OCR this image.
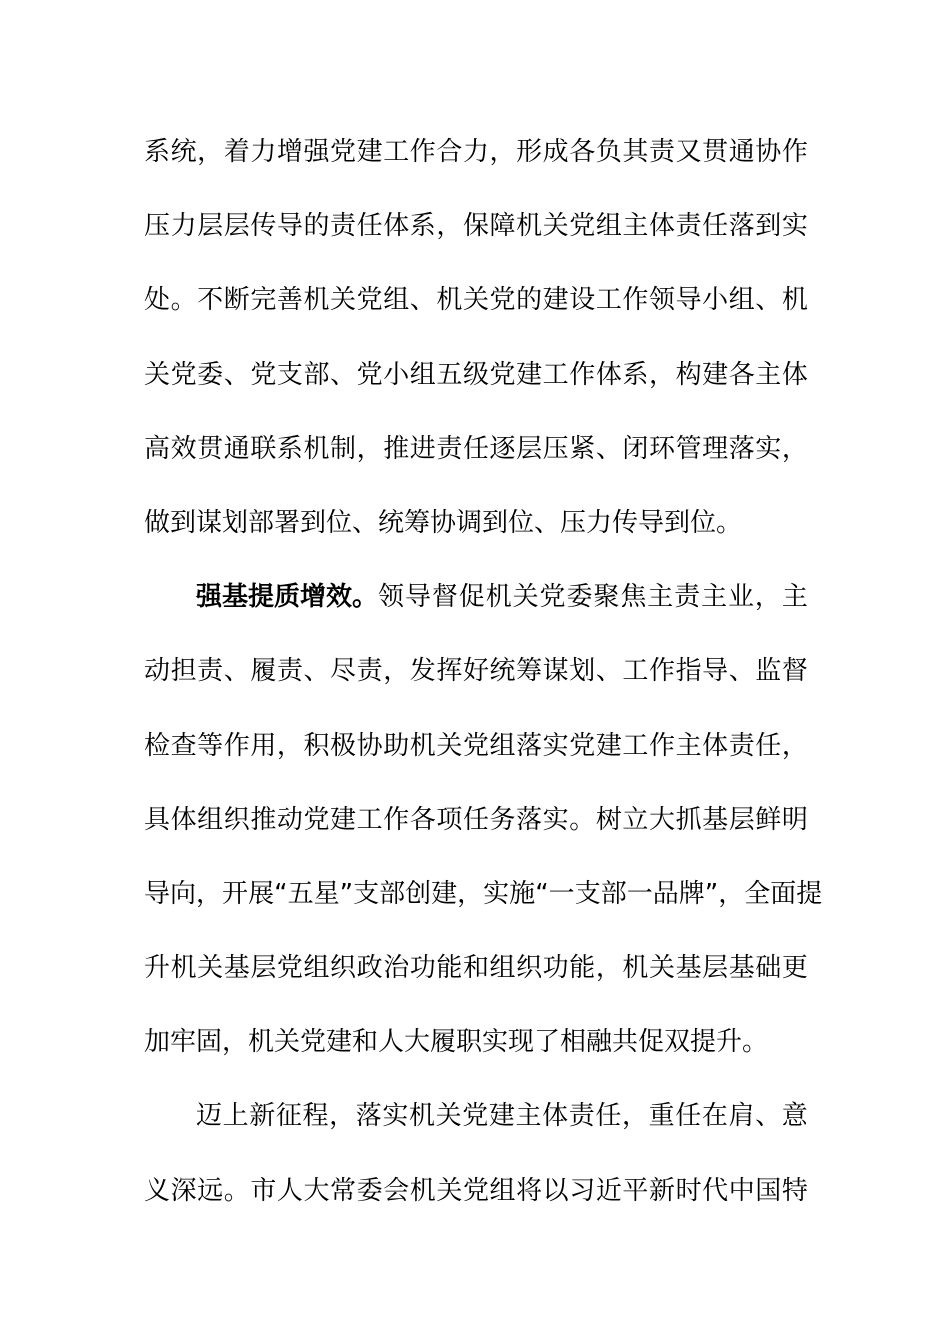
系 统 ， 着 力 增 强 党 建 工 作 合 力 ， 形 成 各 负 其 责 又 贯 通 协 作
压 力 层 层 传 导 的 责 任 体 系 ， 保 障 机 关 党 组 主 体 责 任 落 到 实
处 。 不 断 完 善 机 关 党 组 、 机 关 党 的 建 设 工 作 领 导 小 组 、 机
关 党 委 、 党 支 部 、 党 小 组 五 级 党 建 工 作 体 系 ， 构 建 各 主 体
高 效 贯 通 联 系 机 制 ， 推 进 责 任 逐 层 压 紧 、 闭 环 管 理 落 实 ，
做到谋划部署到位、统筹协调到位、压力传导到位。
强基提质增效。 领 导 督 促 机 关 党 委 聚 焦 主 责 主 业 ， 主
动 担 责 、 履 责 、 尽 责 ， 发 挥 好 统 筹 谋 划 、 工 作 指 导 、 监 督
检 查 等 作 用 ， 积 极 协 助 机 关 党 组 落 实 党 建 工 作 主 体 责 任 ，
具 体 组 织 推 动 党 建 工 作 各 项 任 务 落 实 。 树 立 大 抓 基 层 鲜 明
导 向 ， 开 展 “ 五 星 ” 支 部 创 建 ， 实 施 “ 一 支 部 一 品 牌 ” ， 全 面 提
升 机 关 基 层 党 组 织 政 治 功 能 和 组 织 功 能 ， 机 关 基 层 基 础 更
加牢固，机关党建和人大履职实现了相融共促双提升。
迈 上 新 征 程 ， 落 实 机 关 党 建 主 体 责 任 ， 重 任 在 肩 、 意
义 深 远 。 市 人 大 常 委 会 机 关 党 组 将 以 习 近 平 新 时 代 中 国 特
